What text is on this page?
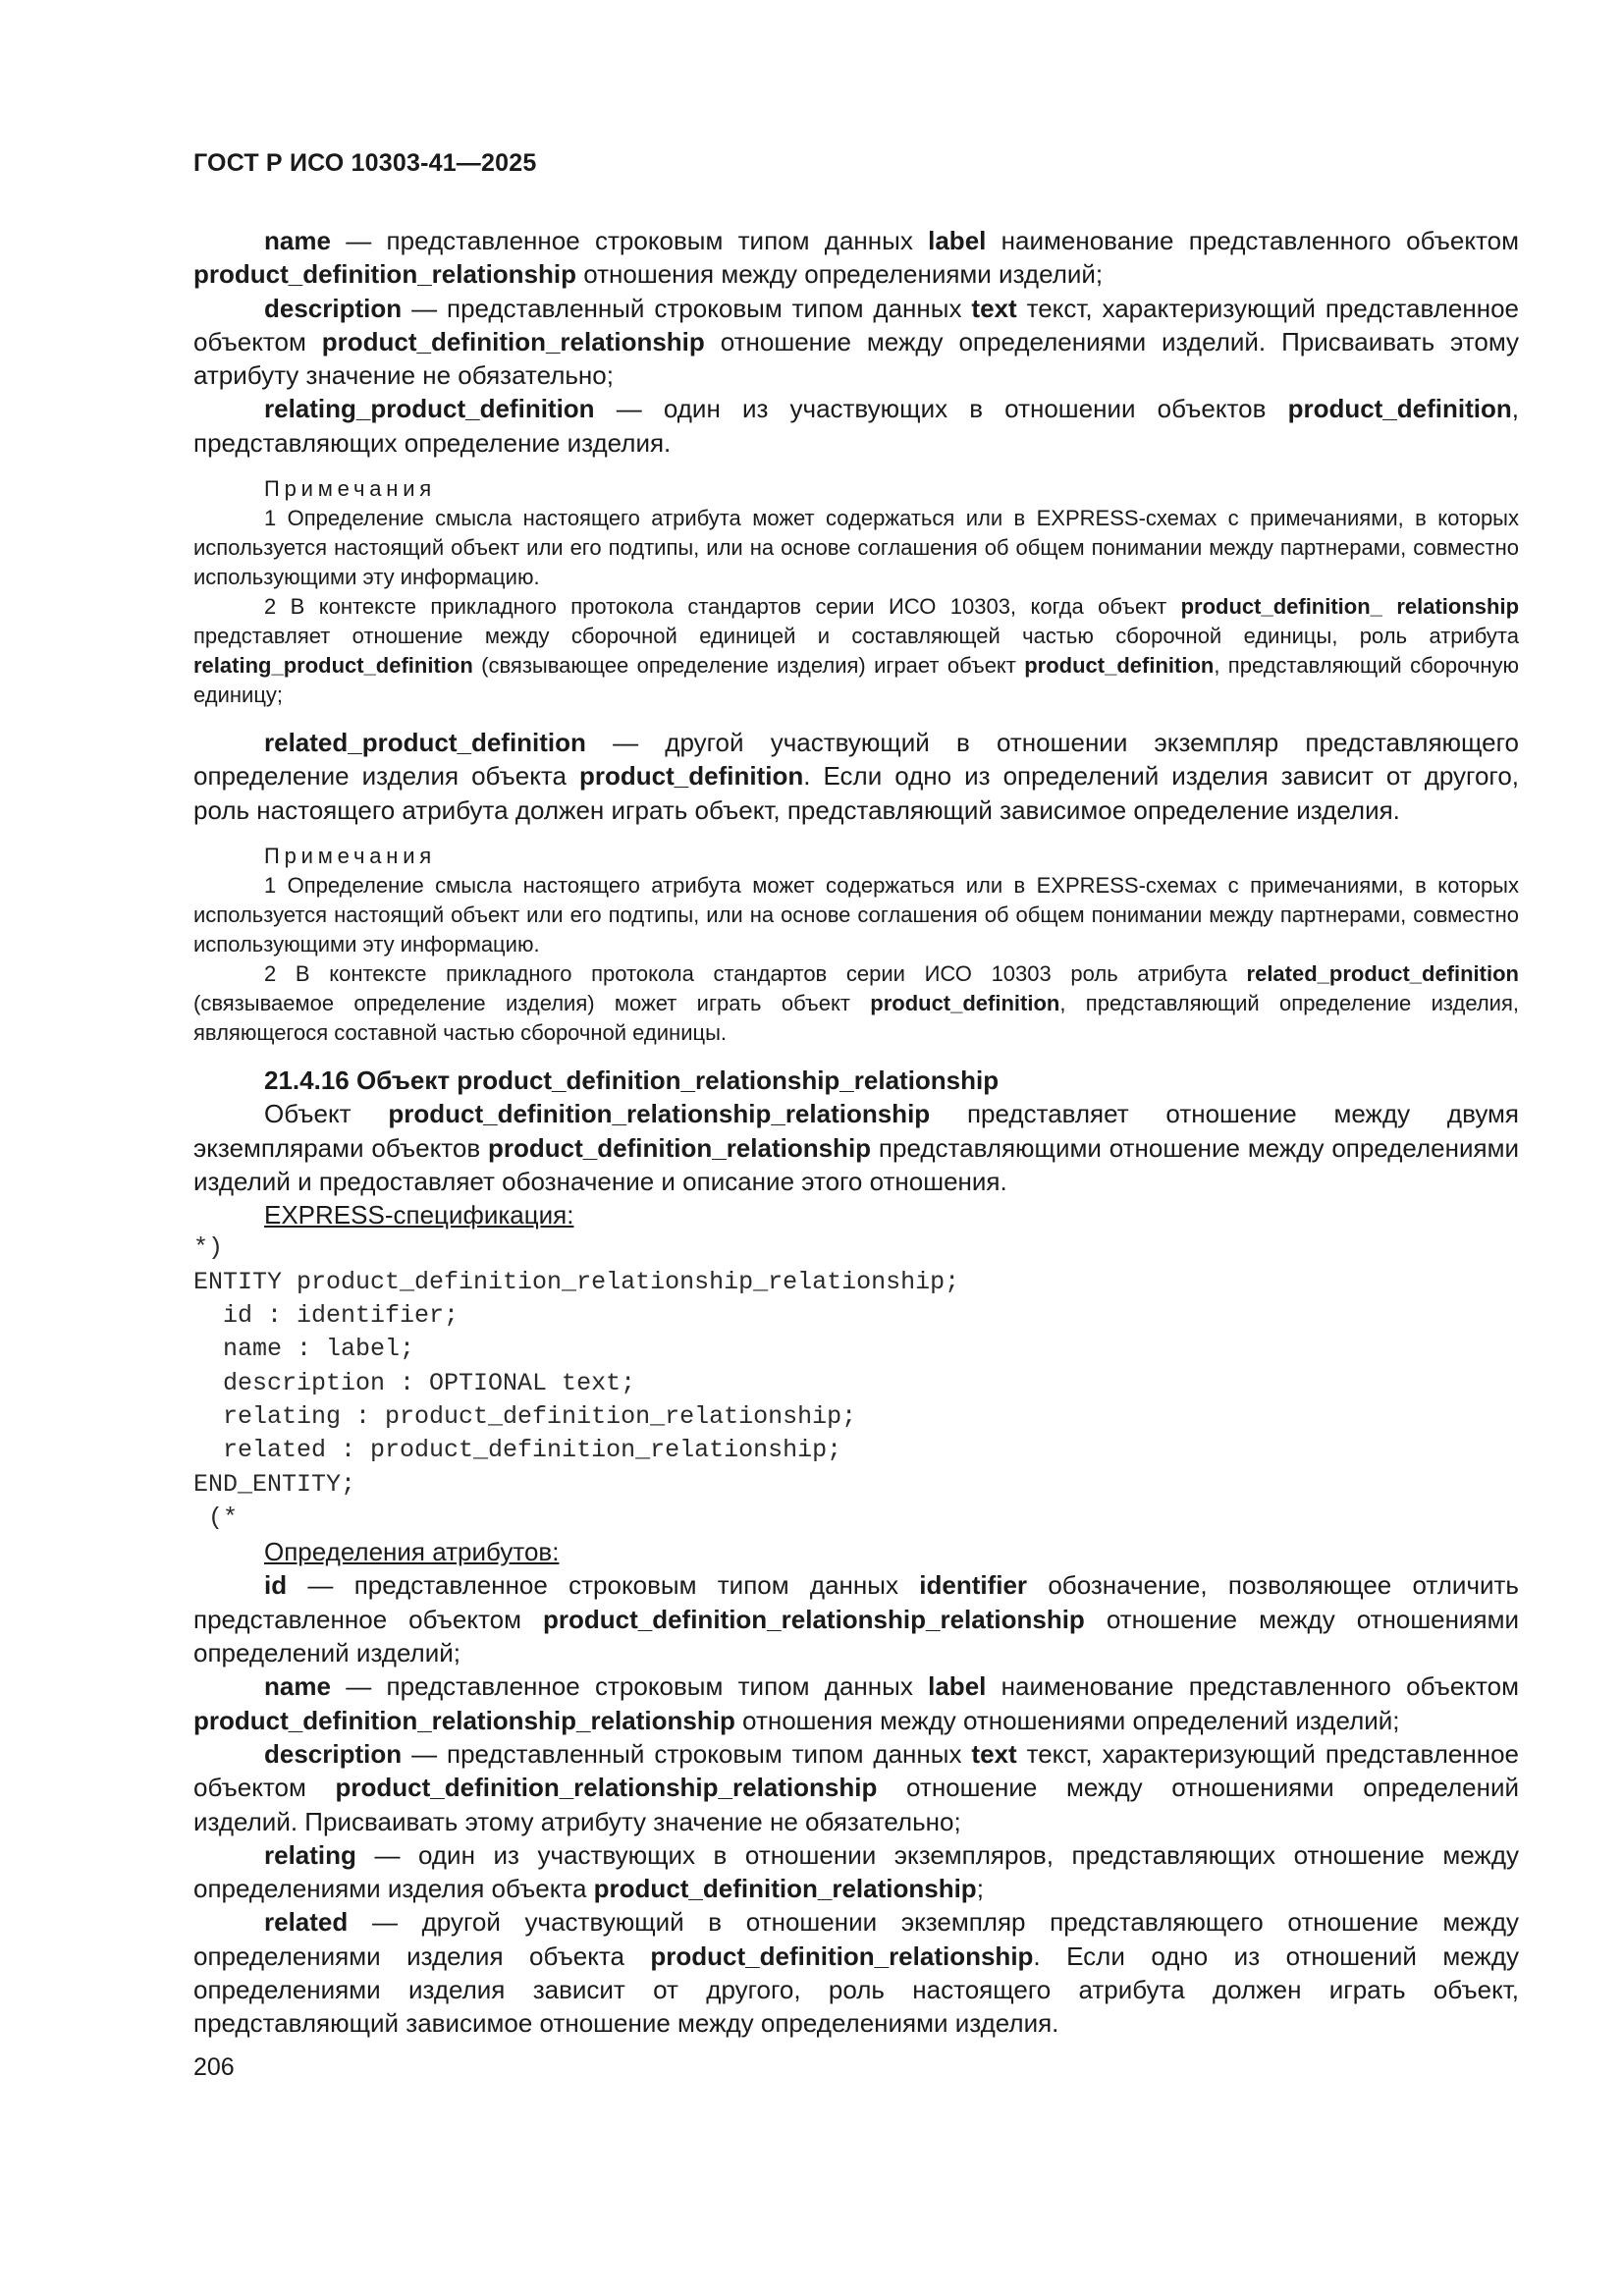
ГОСТ Р ИСО 10303-41—2025

name — представленное строковым типом данных label наименование представленного объектом product_definition_relationship отношения между определениями изделий;

description — представленный строковым типом данных text текст, характеризующий представленное объектом product_definition_relationship отношение между определениями изделий. Присваивать этому атрибуту значение не обязательно;

relating_product_definition — один из участвующих в отношении объектов product_definition, представляющих определение изделия.

Примечания

1 Определение смысла настоящего атрибута может содержаться или в EXPRESS-схемах с примечаниями, в которых используется настоящий объект или его подтипы, или на основе соглашения об общем понимании между партнерами, совместно использующими эту информацию.

2 В контексте прикладного протокола стандартов серии ИСО 10303, когда объект product_definition_ relationship представляет отношение между сборочной единицей и составляющей частью сборочной единицы, роль атрибута relating_product_definition (связывающее определение изделия) играет объект product_definition, представляющий сборочную единицу;

related_product_definition — другой участвующий в отношении экземпляр представляющего определение изделия объекта product_definition. Если одно из определений изделия зависит от другого, роль настоящего атрибута должен играть объект, представляющий зависимое определение изделия.

Примечания

1 Определение смысла настоящего атрибута может содержаться или в EXPRESS-схемах с примечаниями, в которых используется настоящий объект или его подтипы, или на основе соглашения об общем понимании между партнерами, совместно использующими эту информацию.

2 В контексте прикладного протокола стандартов серии ИСО 10303 роль атрибута related_product_definition (связываемое определение изделия) может играть объект product_definition, представляющий определение изделия, являющегося составной частью сборочной единицы.

21.4.16 Объект product_definition_relationship_relationship

Объект product_definition_relationship_relationship представляет отношение между двумя экземплярами объектов product_definition_relationship представляющими отношение между определениями изделий и предоставляет обозначение и описание этого отношения.

EXPRESS-спецификация:

*)
ENTITY product_definition_relationship_relationship;
id : identifier;
name : label;
description : OPTIONAL text;
relating : product_definition_relationship;
related : product_definition_relationship;
END_ENTITY;
(*

Определения атрибутов:

id — представленное строковым типом данных identifier обозначение, позволяющее отличить представленное объектом product_definition_relationship_relationship отношение между отношениями определений изделий;

name — представленное строковым типом данных label наименование представленного объектом product_definition_relationship_relationship отношения между отношениями определений изделий;

description — представленный строковым типом данных text текст, характеризующий представленное объектом product_definition_relationship_relationship отношение между отношениями определений изделий. Присваивать этому атрибуту значение не обязательно;

relating — один из участвующих в отношении экземпляров, представляющих отношение между определениями изделия объекта product_definition_relationship;

related — другой участвующий в отношении экземпляр представляющего отношение между определениями изделия объекта product_definition_relationship. Если одно из отношений между определениями изделия зависит от другого, роль настоящего атрибута должен играть объект, представляющий зависимое отношение между определениями изделия.

206
